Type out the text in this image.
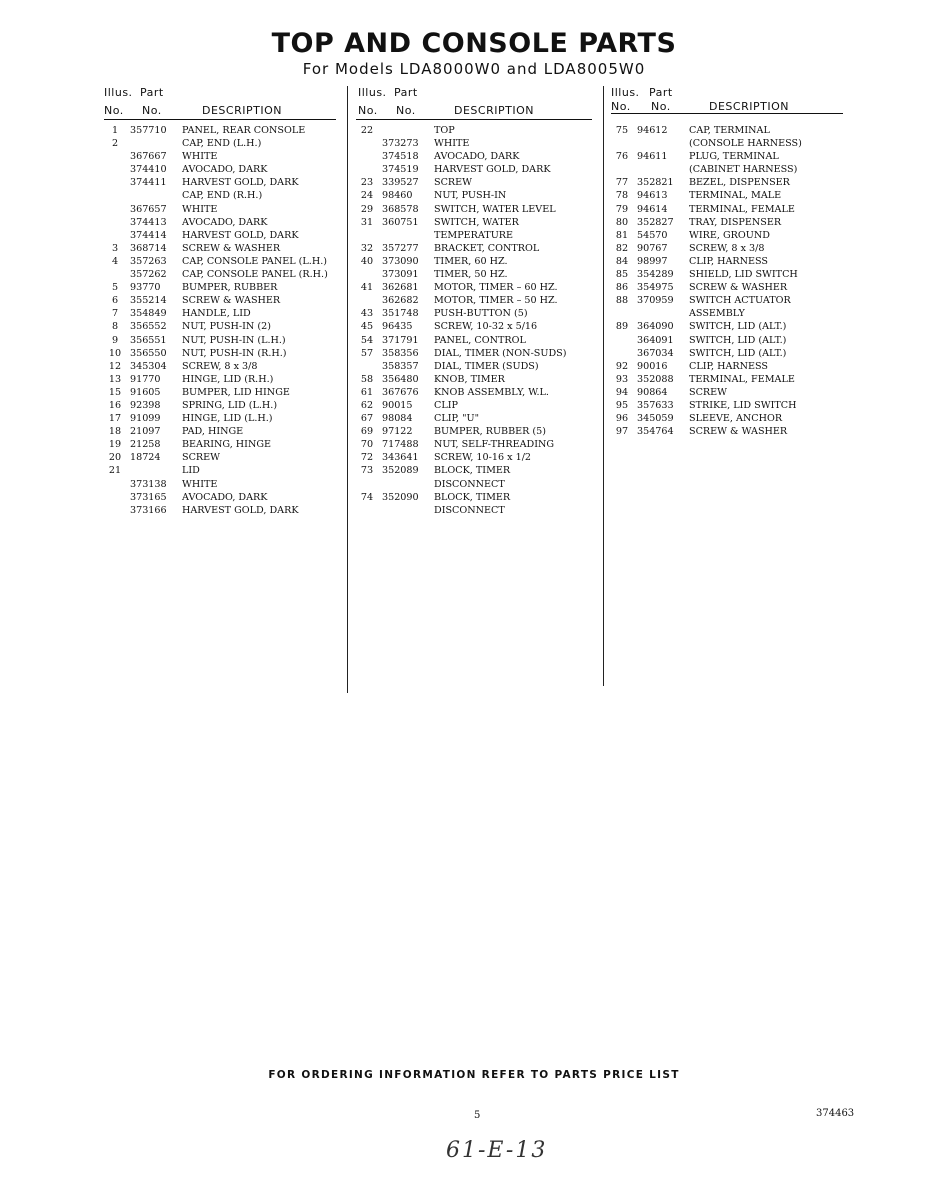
TOP AND CONSOLE PARTS
For Models LDA8000W0 and LDA8005W0
Illus. Part
No. No.	DESCRIPTION
1	357710	PANEL, REAR CONSOLE
2	CAP, END (L.H.)
367667	WHITE
374410	AVOCADO, DARK
374411	HARVEST GOLD, DARK
CAP, END (R.H.)
367657	WHITE
374413	AVOCADO, DARK
374414	HARVEST GOLD, DARK
3	368714	SCREW & WASHER
4	357263	CAP, CONSOLE PANEL (L.H.)
357262	CAP, CONSOLE PANEL (R.H.)
5	93770	BUMPER, RUBBER
6	355214	SCREW & WASHER
7	354849	HANDLE, LID
8	356552	NUT, PUSH-IN (2)
9	356551	NUT, PUSH-IN (L.H.)
10 356550	NUT, PUSH-IN (R.H.)
12 345304	SCREW, 8 x 3/8
13 91770	HINGE, LID (R.H.)
15 91605	BUMPER, LID HINGE
16 92398	SPRING, LID (L.H.)
17 91099	HINGE, LID (L.H.)
18 21097	PAD, HINGE
19 21258	BEARING, HINGE
20 18724	SCREW
21	LID
373138	WHITE
373165	AVOCADO, DARK
373166	HARVEST GOLD, DARK
Illus. Part
No. No.	DESCRIPTION
22	TOP
373273	WHITE
374518	AVOCADO, DARK
374519	HARVEST GOLD, DARK
23 339527	SCREW
24 98460	NUT, PUSH-IN
29 368578	SWITCH, WATER LEVEL
31 360751	SWITCH, WATER
TEMPERATURE
32 357277	BRACKET, CONTROL
40 373090	TIMER, 60 HZ.
373091	TIMER, 50 HZ.
41 362681	MOTOR, TIMER – 60 HZ.
362682	MOTOR, TIMER – 50 HZ.
43 351748	PUSH-BUTTON (5)
45 96435	SCREW, 10-32 x 5/16
54 371791	PANEL, CONTROL
57 358356	DIAL, TIMER (NON-SUDS)
358357	DIAL, TIMER (SUDS)
58 356480	KNOB, TIMER
61 367676	KNOB ASSEMBLY, W.L.
62 90015	CLIP
67 98084	CLIP, "U"
69 97122	BUMPER, RUBBER (5)
70 717488	NUT, SELF-THREADING
72 343641	SCREW, 10-16 x 1/2
73 352089	BLOCK, TIMER
DISCONNECT
74 352090	BLOCK, TIMER
DISCONNECT
Illus. Part
No. No.	DESCRIPTION
75 94612	CAP, TERMINAL
(CONSOLE HARNESS)
76 94611	PLUG, TERMINAL
(CABINET HARNESS)
77 352821	BEZEL, DISPENSER
78 94613	TERMINAL, MALE
79 94614	TERMINAL, FEMALE
80 352827	TRAY, DISPENSER
81 54570	WIRE, GROUND
82 90767	SCREW, 8 x 3/8
84 98997	CLIP, HARNESS
85 354289	SHIELD, LID SWITCH
86 354975	SCREW & WASHER
88 370959	SWITCH ACTUATOR
ASSEMBLY
89 364090	SWITCH, LID (ALT.)
364091	SWITCH, LID (ALT.)
367034	SWITCH, LID (ALT.)
92 90016	CLIP, HARNESS
93 352088	TERMINAL, FEMALE
94 90864	SCREW
95 357633	STRIKE, LID SWITCH
96 345059	SLEEVE, ANCHOR
97 354764	SCREW & WASHER
FOR ORDERING INFORMATION REFER TO PARTS PRICE LIST
5	374463
61-E-13
